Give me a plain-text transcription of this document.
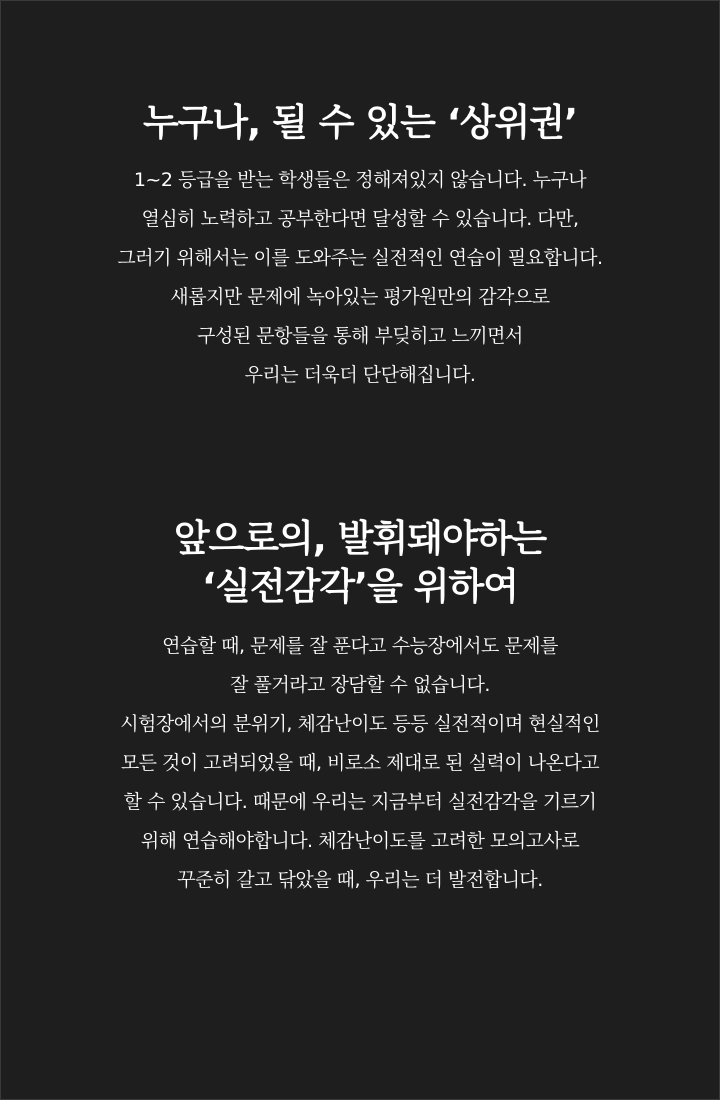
누구나, 될 수 있는 ‘상위권’

1~2 등급을 받는 학생들은 정해져있지 않습니다. 누구나
열심히 노력하고 공부한다면 달성할 수 있습니다. 다만,
그러기 위해서는 이를 도와주는 실전적인 연습이 필요합니다.
새롭지만 문제에 녹아있는 평가원만의 감각으로
구성된 문항들을 통해 부딪히고 느끼면서
우리는 더욱더 단단해집니다.

앞으로의, 발휘돼야하는
‘실전감각’을 위하여

연습할 때, 문제를 잘 푼다고 수능장에서도 문제를
잘 풀거라고 장담할 수 없습니다.
시험장에서의 분위기, 체감난이도 등등 실전적이며 현실적인
모든 것이 고려되었을 때, 비로소 제대로 된 실력이 나온다고
할 수 있습니다. 때문에 우리는 지금부터 실전감각을 기르기
위해 연습해야합니다. 체감난이도를 고려한 모의고사로
꾸준히 갈고 닦았을 때, 우리는 더 발전합니다.
